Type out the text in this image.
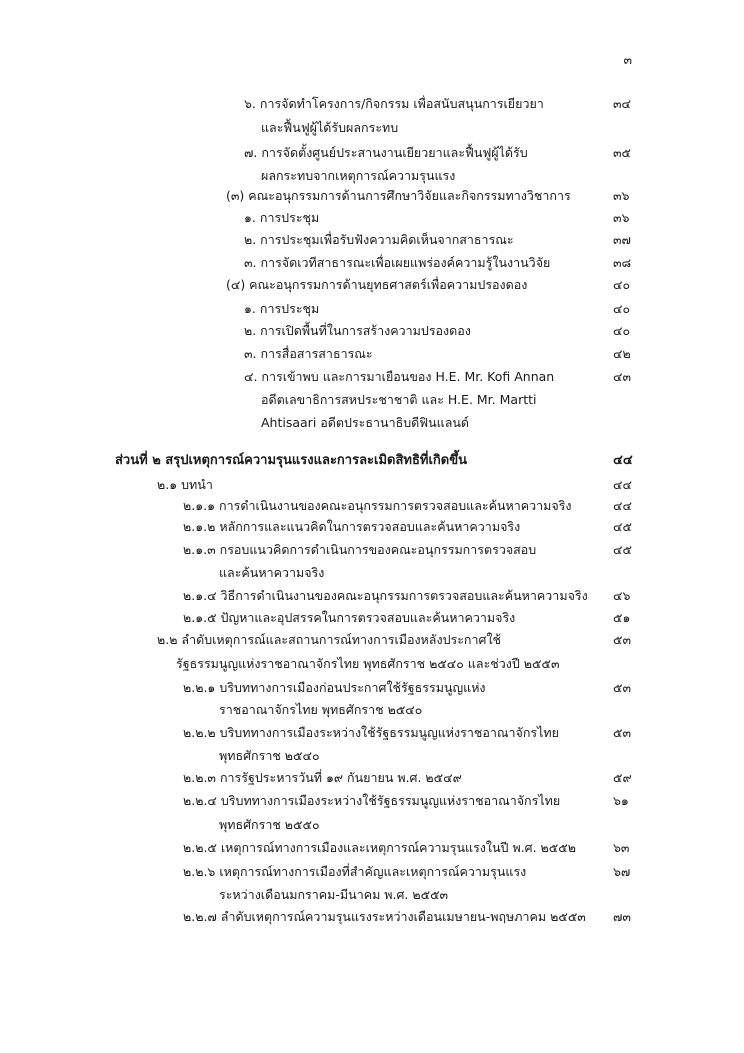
๓
๖. การจัดทำโครงการ/กิจกรรม เพื่อสนับสนุนการเยียวยา	๓๔
และฟื้นฟูผู้ได้รับผลกระทบ
๗. การจัดตั้งศูนย์ประสานงานเยียวยาและฟื้นฟูผู้ได้รับ	๓๕
ผลกระทบจากเหตุการณ์ความรุนแรง
(๓) คณะอนุกรรมการด้านการศึกษาวิจัยและกิจกรรมทางวิชาการ	๓๖
๑. การประชุม	๓๖
๒. การประชุมเพื่อรับฟังความคิดเห็นจากสาธารณะ	๓๗
๓. การจัดเวทีสาธารณะเพื่อเผยแพร่องค์ความรู้ในงานวิจัย	๓๘
(๔) คณะอนุกรรมการด้านยุทธศาสตร์เพื่อความปรองดอง	๔๐
๑. การประชุม	๔๐
๒. การเปิดพื้นที่ในการสร้างความปรองดอง	๔๐
๓. การสื่อสารสาธารณะ	๔๒
๔. การเข้าพบ และการมาเยือนของ H.E. Mr. Kofi Annan	๔๓
อดีตเลขาธิการสหประชาชาติ และ H.E. Mr. Martti
Ahtisaari อดีตประธานาธิบดีฟินแลนด์
ส่วนที่ ๒ สรุปเหตุการณ์ความรุนแรงและการละเมิดสิทธิที่เกิดขึ้น	๔๔
๒.๑ บทนำ	๔๔
๒.๑.๑ การดำเนินงานของคณะอนุกรรมการตรวจสอบและค้นหาความจริง	๔๔
๒.๑.๒ หลักการและแนวคิดในการตรวจสอบและค้นหาความจริง	๔๕
๒.๑.๓ กรอบแนวคิดการดำเนินการของคณะอนุกรรมการตรวจสอบ	๔๕
และค้นหาความจริง
๒.๑.๔ วิธีการดำเนินงานของคณะอนุกรรมการตรวจสอบและค้นหาความจริง ๔๖
๒.๑.๕ ปัญหาและอุปสรรคในการตรวจสอบและค้นหาความจริง	๕๑
๒.๒ ลำดับเหตุการณ์และสถานการณ์ทางการเมืองหลังประกาศใช้	๕๓
รัฐธรรมนูญแห่งราชอาณาจักรไทย พุทธศักราช ๒๕๔๐ และช่วงปี ๒๕๕๓
๒.๒.๑ บริบททางการเมืองก่อนประกาศใช้รัฐธรรมนูญแห่ง	๕๓
ราชอาณาจักรไทย พุทธศักราช ๒๕๔๐
๒.๒.๒ บริบททางการเมืองระหว่างใช้รัฐธรรมนูญแห่งราชอาณาจักรไทย	๕๓
พุทธศักราช ๒๕๔๐
๒.๒.๓ การรัฐประหารวันที่ ๑๙ กันยายน พ.ศ. ๒๕๔๙	๕๙
๒.๒.๔ บริบททางการเมืองระหว่างใช้รัฐธรรมนูญแห่งราชอาณาจักรไทย	๖๑
พุทธศักราช ๒๕๕๐
๒.๒.๕ เหตุการณ์ทางการเมืองและเหตุการณ์ความรุนแรงในปี พ.ศ. ๒๕๕๒	๖๓
๒.๒.๖ เหตุการณ์ทางการเมืองที่สำคัญและเหตุการณ์ความรุนแรง	๖๗
ระหว่างเดือนมกราคม-มีนาคม พ.ศ. ๒๕๕๓
๒.๒.๗ ลำดับเหตุการณ์ความรุนแรงระหว่างเดือนเมษายน-พฤษภาคม ๒๕๕๓ ๗๓
